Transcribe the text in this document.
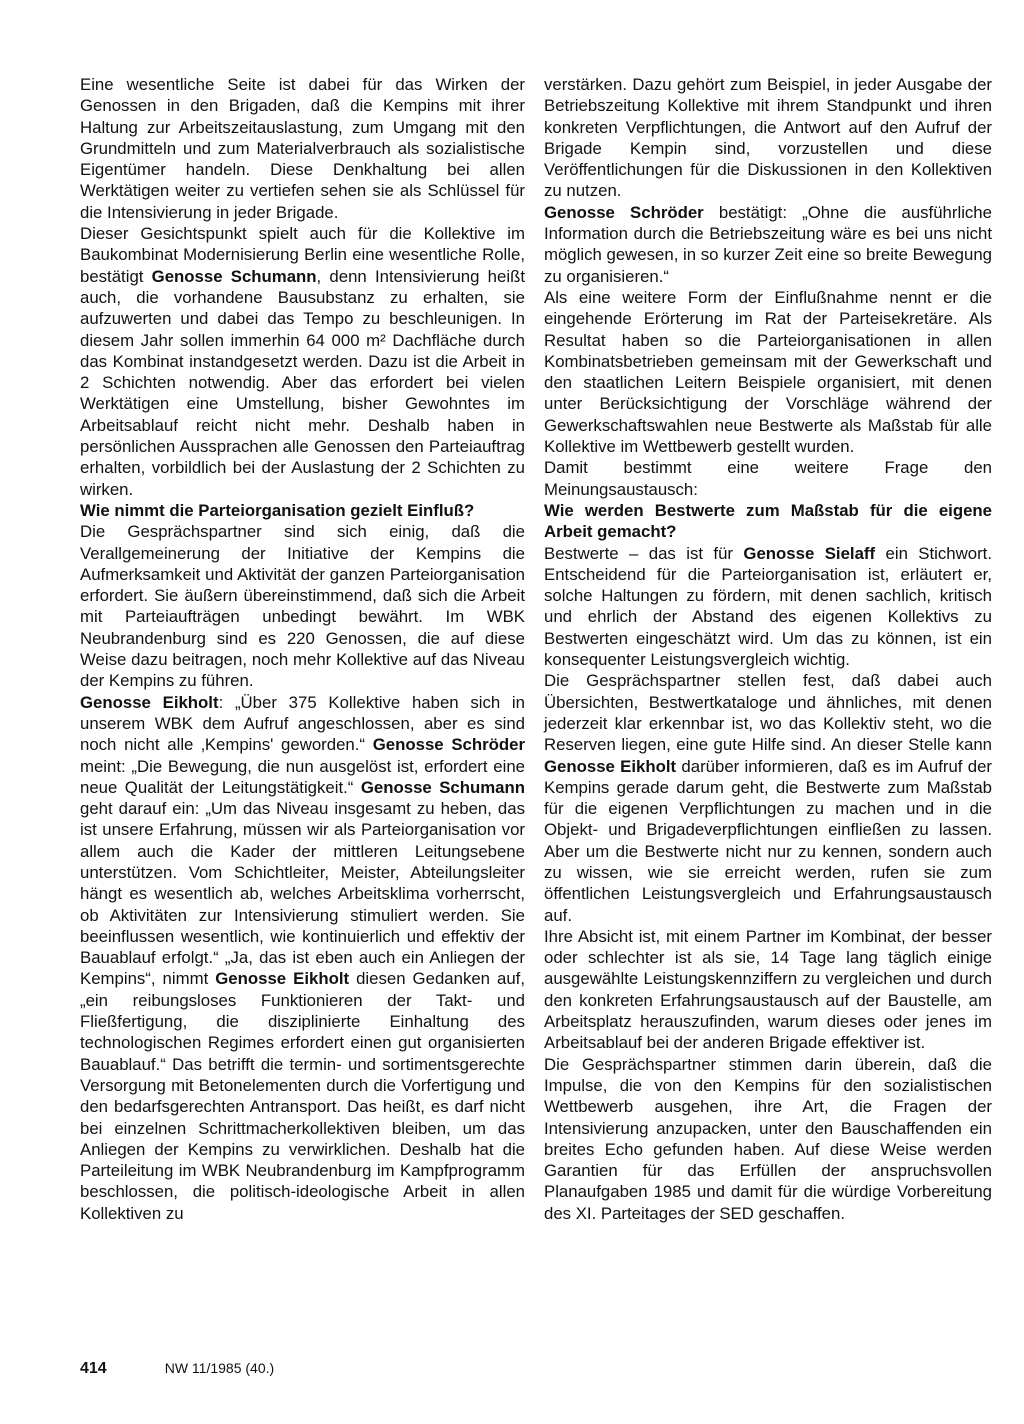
Eine wesentliche Seite ist dabei für das Wirken der Genossen in den Brigaden, daß die Kempins mit ihrer Haltung zur Arbeitszeitauslastung, zum Umgang mit den Grundmitteln und zum Materialverbrauch als sozialistische Eigentümer handeln. Diese Denkhaltung bei allen Werktätigen weiter zu vertiefen sehen sie als Schlüssel für die Intensivierung in jeder Brigade.

Dieser Gesichtspunkt spielt auch für die Kollektive im Baukombinat Modernisierung Berlin eine wesentliche Rolle, bestätigt Genosse Schumann, denn Intensivierung heißt auch, die vorhandene Bausubstanz zu erhalten, sie aufzuwerten und dabei das Tempo zu beschleunigen. In diesem Jahr sollen immerhin 64 000 m² Dachfläche durch das Kombinat instandgesetzt werden. Dazu ist die Arbeit in 2 Schichten notwendig. Aber das erfordert bei vielen Werktätigen eine Umstellung, bisher Gewohntes im Arbeitsablauf reicht nicht mehr. Deshalb haben in persönlichen Aussprachen alle Genossen den Parteiauftrag erhalten, vorbildlich bei der Auslastung der 2 Schichten zu wirken.

Wie nimmt die Parteiorganisation gezielt Einfluß?

Die Gesprächspartner sind sich einig, daß die Verallgemeinerung der Initiative der Kempins die Aufmerksamkeit und Aktivität der ganzen Parteiorganisation erfordert. Sie äußern übereinstimmend, daß sich die Arbeit mit Parteiaufträgen unbedingt bewährt. Im WBK Neubrandenburg sind es 220 Genossen, die auf diese Weise dazu beitragen, noch mehr Kollektive auf das Niveau der Kempins zu führen.

Genosse Eikholt: „Über 375 Kollektive haben sich in unserem WBK dem Aufruf angeschlossen, aber es sind noch nicht alle ‚Kempins' geworden.“ Genosse Schröder meint: „Die Bewegung, die nun ausgelöst ist, erfordert eine neue Qualität der Leitungstätigkeit.“ Genosse Schumann geht darauf ein: „Um das Niveau insgesamt zu heben, das ist unsere Erfahrung, müssen wir als Parteiorganisation vor allem auch die Kader der mittleren Leitungsebene unterstützen. Vom Schichtleiter, Meister, Abteilungsleiter hängt es wesentlich ab, welches Arbeitsklima vorherrscht, ob Aktivitäten zur Intensivierung stimuliert werden. Sie beeinflussen wesentlich, wie kontinuierlich und effektiv der Bauablauf erfolgt.“ „Ja, das ist eben auch ein Anliegen der Kempins“, nimmt Genosse Eikholt diesen Gedanken auf, „ein reibungsloses Funktionieren der Takt- und Fließfertigung, die disziplinierte Einhaltung des technologischen Regimes erfordert einen gut organisierten Bauablauf.“ Das betrifft die termin- und sortimentsgerechte Versorgung mit Betonelementen durch die Vorfertigung und den bedarfsgerechten Antransport. Das heißt, es darf nicht bei einzelnen Schrittmacherkollektiven bleiben, um das Anliegen der Kempins zu verwirklichen. Deshalb hat die Parteileitung im WBK Neubrandenburg im Kampfprogramm beschlossen, die politisch-ideologische Arbeit in allen Kollektiven zu

verstärken. Dazu gehört zum Beispiel, in jeder Ausgabe der Betriebszeitung Kollektive mit ihrem Standpunkt und ihren konkreten Verpflichtungen, die Antwort auf den Aufruf der Brigade Kempin sind, vorzustellen und diese Veröffentlichungen für die Diskussionen in den Kollektiven zu nutzen.

Genosse Schröder bestätigt: „Ohne die ausführliche Information durch die Betriebszeitung wäre es bei uns nicht möglich gewesen, in so kurzer Zeit eine so breite Bewegung zu organisieren.“

Als eine weitere Form der Einflußnahme nennt er die eingehende Erörterung im Rat der Parteisekretäre. Als Resultat haben so die Parteiorganisationen in allen Kombinatsbetrieben gemeinsam mit der Gewerkschaft und den staatlichen Leitern Beispiele organisiert, mit denen unter Berücksichtigung der Vorschläge während der Gewerkschaftswahlen neue Bestwerte als Maßstab für alle Kollektive im Wettbewerb gestellt wurden.

Damit bestimmt eine weitere Frage den Meinungsaustausch:

Wie werden Bestwerte zum Maßstab für die eigene Arbeit gemacht?

Bestwerte – das ist für Genosse Sielaff ein Stichwort. Entscheidend für die Parteiorganisation ist, erläutert er, solche Haltungen zu fördern, mit denen sachlich, kritisch und ehrlich der Abstand des eigenen Kollektivs zu Bestwerten eingeschätzt wird. Um das zu können, ist ein konsequenter Leistungsvergleich wichtig.

Die Gesprächspartner stellen fest, daß dabei auch Übersichten, Bestwertkataloge und ähnliches, mit denen jederzeit klar erkennbar ist, wo das Kollektiv steht, wo die Reserven liegen, eine gute Hilfe sind. An dieser Stelle kann Genosse Eikholt darüber informieren, daß es im Aufruf der Kempins gerade darum geht, die Bestwerte zum Maßstab für die eigenen Verpflichtungen zu machen und in die Objekt- und Brigadeverpflichtungen einfließen zu lassen. Aber um die Bestwerte nicht nur zu kennen, sondern auch zu wissen, wie sie erreicht werden, rufen sie zum öffentlichen Leistungsvergleich und Erfahrungsaustausch auf.

Ihre Absicht ist, mit einem Partner im Kombinat, der besser oder schlechter ist als sie, 14 Tage lang täglich einige ausgewählte Leistungskennziffern zu vergleichen und durch den konkreten Erfahrungsaustausch auf der Baustelle, am Arbeitsplatz herauszufinden, warum dieses oder jenes im Arbeitsablauf bei der anderen Brigade effektiver ist.

Die Gesprächspartner stimmen darin überein, daß die Impulse, die von den Kempins für den sozialistischen Wettbewerb ausgehen, ihre Art, die Fragen der Intensivierung anzupacken, unter den Bauschaffenden ein breites Echo gefunden haben. Auf diese Weise werden Garantien für das Erfüllen der anspruchsvollen Planaufgaben 1985 und damit für die würdige Vorbereitung des XI. Parteitages der SED geschaffen.

414	NW 11/1985 (40.)
